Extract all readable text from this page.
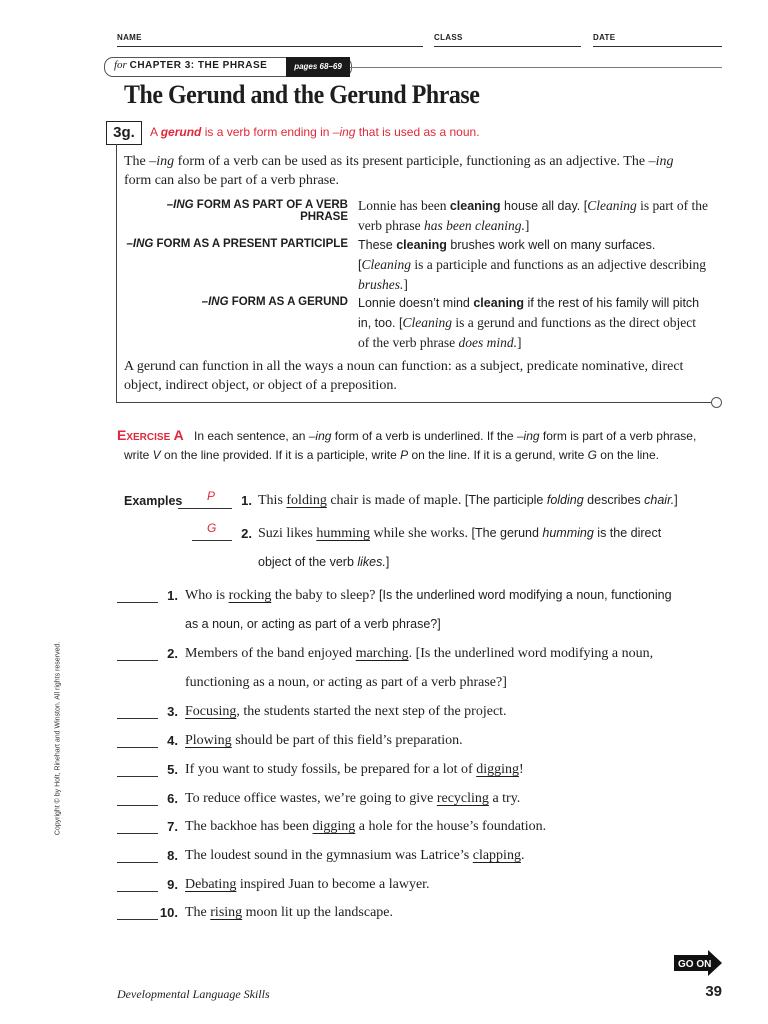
NAME	CLASS	DATE
for CHAPTER 3: THE PHRASE	pages 68–69
The Gerund and the Gerund Phrase
3g.	A gerund is a verb form ending in –ing that is used as a noun.
The –ing form of a verb can be used as its present participle, functioning as an adjective. The –ing form can also be part of a verb phrase.
–ING FORM AS PART OF A VERB PHRASE
Lonnie has been cleaning house all day. [Cleaning is part of the verb phrase has been cleaning.]
–ING FORM AS A PRESENT PARTICIPLE These cleaning brushes work well on many surfaces. [Cleaning is a participle and functions as an adjective describing brushes.]
–ING FORM AS A GERUND Lonnie doesn’t mind cleaning if the rest of his family will pitch in, too. [Cleaning is a gerund and functions as the direct object of the verb phrase does mind.]
A gerund can function in all the ways a noun can function: as a subject, predicate nominative, direct object, indirect object, or object of a preposition.
Exercise A In each sentence, an –ing form of a verb is underlined. If the –ing form is part of a verb phrase, write V on the line provided. If it is a participle, write P on the line. If it is a gerund, write G on the line.
Examples P	1. This folding chair is made of maple. [The participle folding describes chair.]
G	2. Suzi likes humming while she works. [The gerund humming is the direct
object of the verb likes.]
1. Who is rocking the baby to sleep? [Is the underlined word modifying a noun, functioning
as a noun, or acting as part of a verb phrase?]
2. Members of the band enjoyed marching. [Is the underlined word modifying a noun,
functioning as a noun, or acting as part of a verb phrase?]
3. Focusing, the students started the next step of the project.
4. Plowing should be part of this field’s preparation.
5. If you want to study fossils, be prepared for a lot of digging!
6. To reduce office wastes, we’re going to give recycling a try.
7. The backhoe has been digging a hole for the house’s foundation.
8. The loudest sound in the gymnasium was Latrice’s clapping.
9. Debating inspired Juan to become a lawyer.
10. The rising moon lit up the landscape.
Copyright © by Holt, Rinehart and Winston. All rights reserved.
GO ON
Developmental Language Skills	39
